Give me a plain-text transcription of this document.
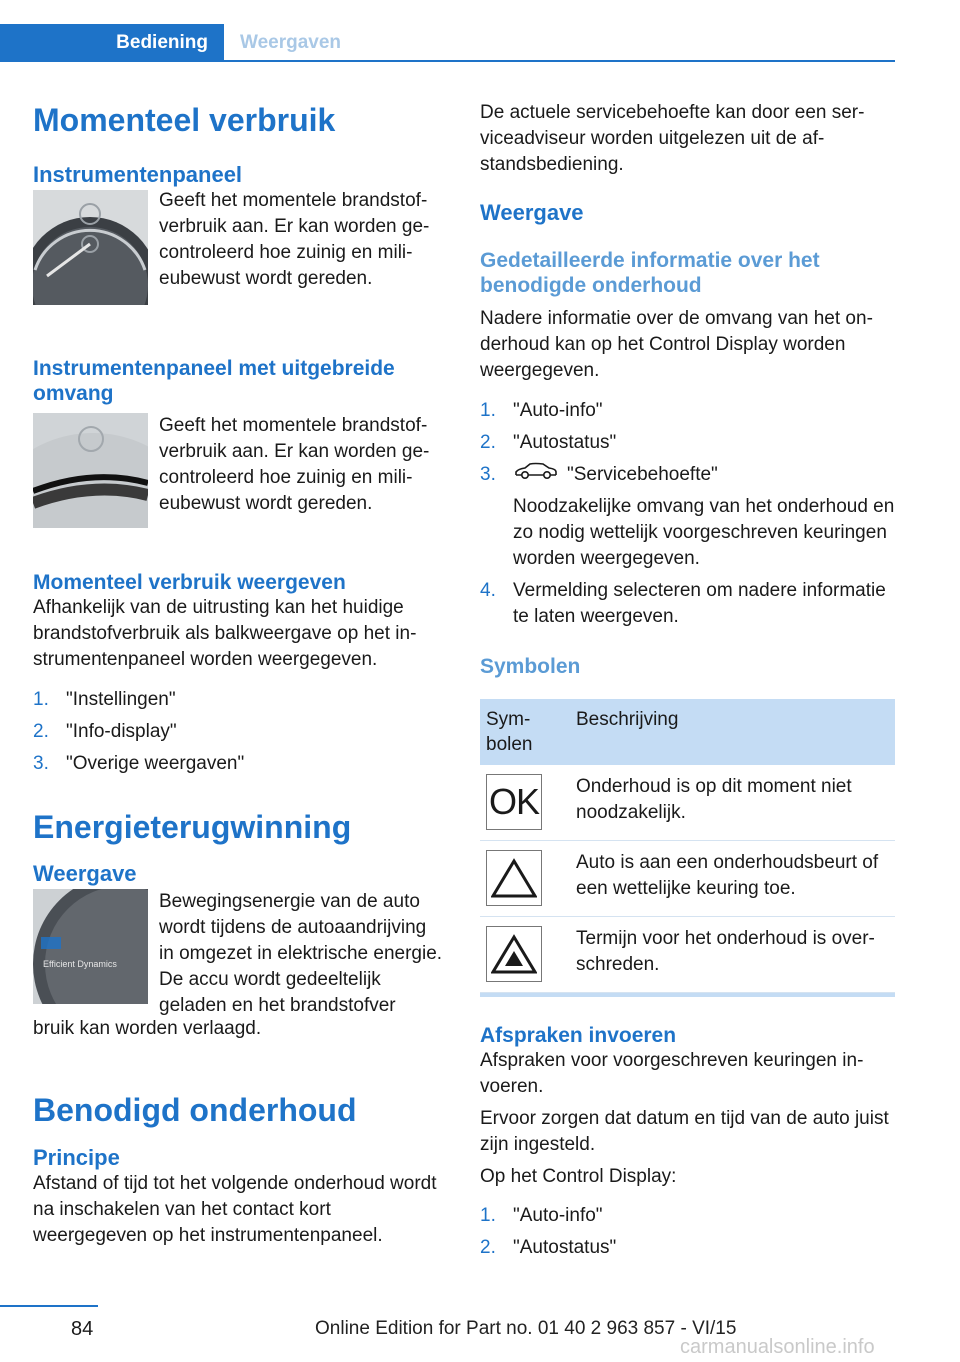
Bediening	Weergaven
Momenteel verbruik
Instrumentenpaneel
Geeft het momentele brandstofverbruik aan. Er kan worden gecontroleerd hoe zuinig en milieubewust wordt gereden.
Instrumentenpaneel met uitgebreide omvang
Geeft het momentele brandstofverbruik aan. Er kan worden gecontroleerd hoe zuinig en milieubewust wordt gereden.
Momenteel verbruik weergeven

Afhankelijk van de uitrusting kan het huidige brandstofverbruik als balkweergave op het instrumentenpaneel worden weergegeven.

1. "Instellingen"
2. "Info-display"
3. "Overige weergaven"
Energieterugwinning
Weergave
Efficient Dynamics
Bewegingsenergie van de auto wordt tijdens de autoaandrijving in omgezet in elektrische energie. De accu wordt gedeeltelijk geladen en het brandstofver

bruik kan worden verlaagd.

Benodigd onderhoud
Principe

Afstand of tijd tot het volgende onderhoud wordt na inschakelen van het contact kort weergegeven op het instrumentenpaneel.

De actuele servicebehoefte kan door een serviceadviseur worden uitgelezen uit de afstandsbediening.

Weergave
Gedetailleerde informatie over het benodigde onderhoud

Nadere informatie over de omvang van het onderhoud kan op het Control Display worden weergegeven.

1. "Auto-info"
2. "Autostatus"
3.	"Servicebehoefte"
Noodzakelijke omvang van het onderhoud en zo nodig wettelijk voorgeschreven keuringen worden weergegeven.
4. Vermelding selecteren om nadere informatie te laten weergeven.
Symbolen
Symbolen	Beschrijving

OK	Onderhoud is op dit moment niet noodzakelijk.

	Auto is aan een onderhoudsbeurt of een wettelijke keuring toe.

	Termijn voor het onderhoud is overschreden.
Afspraken invoeren

Afspraken voor voorgeschreven keuringen invoeren.

Ervoor zorgen dat datum en tijd van de auto juist zijn ingesteld.

Op het Control Display:

1. "Auto-info"
2. "Autostatus"
84	Online Edition for Part no. 01 40 2 963 857 - VI/15
carmanualsonline.info
